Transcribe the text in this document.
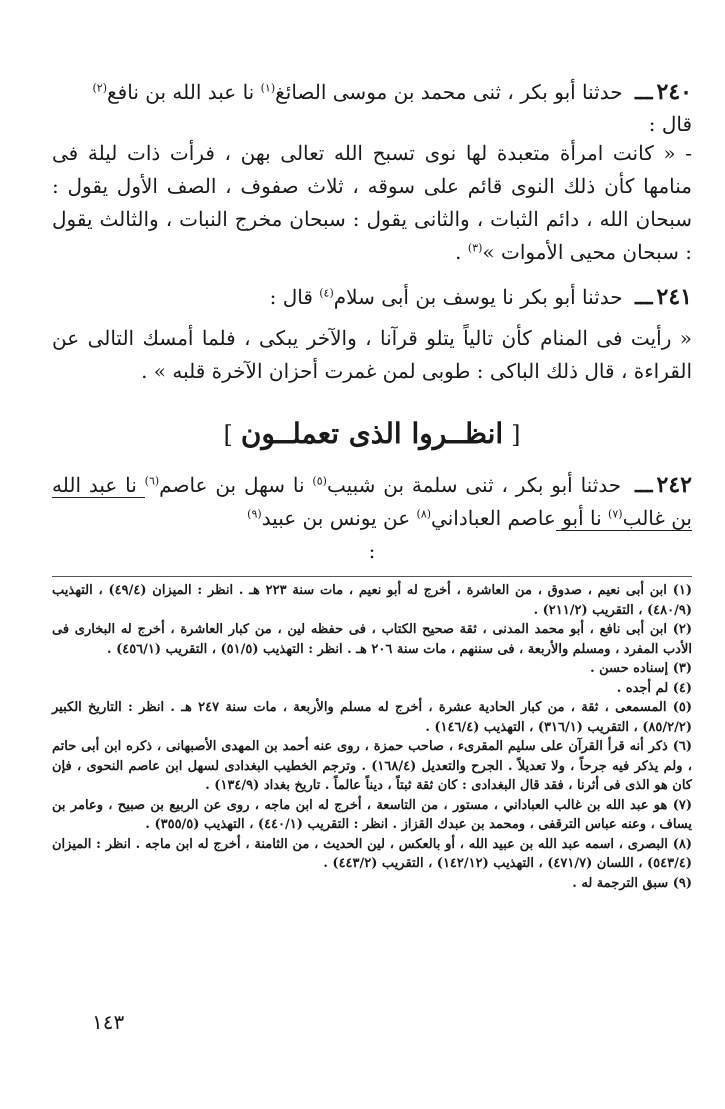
٢٤٠ـــ حدثنا أبو بكر ، ثنى محمد بن موسى الصائغ$^{(١)}$ نا عبد الله بن نافع$^{(٢)}$

قال :

- « كانت امرأة متعبدة لها نوى تسبح الله تعالى بهن ، فرأت ذات ليلة فى منامها كأن ذلك النوى قائم على سوقه ، ثلاث صفوف ، الصف الأول يقول : سبحان الله ، دائم الثبات ، والثانى يقول : سبحان مخرج النبات ، والثالث يقول : سبحان محيى الأموات »$^{(٣)}$ .

٢٤١ـــ حدثنا أبو بكر نا يوسف بن أبى سلام$^{(٤)}$ قال :

« رأيت فى المنام كأن تالياً يتلو قرآنا ، والآخر يبكى ، فلما أمسك التالى عن القراءة ، قال ذلك الباكى : طوبى لمن غمرت أحزان الآخرة قلبه » .

[انظــروا الذى تعملــون]

٢٤٢ـــ حدثنا أبو بكر ، ثنى سلمة بن شبيب$^{(٥)}$ نا سهل بن عاصم$^{(٦)}$ نا عبد الله بن غالب$^{(٧)}$ نا أبو عاصم العباداني$^{(٨)}$ عن يونس بن عبيد$^{(٩)}$

:

(١) ابن أبى نعيم ، صدوق ، من العاشرة ، أخرج له أبو نعيم ، مات سنة ٢٢٣ هـ . انظر : الميزان (٤٩/٤) ، التهذيب (٤٨٠/٩) ، التقريب (٢١١/٢) .
(٢) ابن أبى نافع ، أبو محمد المدنى ، ثقة صحيح الكتاب ، فى حفظه لين ، من كبار العاشرة ، أخرج له البخارى فى الأدب المفرد ، ومسلم والأربعة ، فى سننهم ، مات سنة ٢٠٦ هـ . انظر : التهذيب (٥١/٥) ، التقريب (٤٥٦/١) .
(٣) إسناده حسن .
(٤) لم أجده .
(٥) المسمعى ، ثقة ، من كبار الحادية عشرة ، أخرج له مسلم والأربعة ، مات سنة ٢٤٧ هـ . انظر : التاريخ الكبير (٨٥/٢/٢) ، التقريب (٣١٦/١) ، التهذيب (١٤٦/٤) .
(٦) ذكر أنه قرأ القرآن على سليم المقرىء ، صاحب حمزة ، روى عنه أحمد بن المهدى الأصبهانى ، ذكره ابن أبى حاتم ، ولم يذكر فيه جرحاً ، ولا تعديلاً . الجرح والتعديل (١٦٨/٤) . وترجم الخطيب البغدادى لسهل ابن عاصم النحوى ، فإن كان هو الذى فى أثرنا ، فقد قال البغدادى : كان ثقة ثبتاً ، ديناً عالماً . تاريخ بغداد (١٣٤/٩) .
(٧) هو عبد الله بن غالب العباداني ، مستور ، من التاسعة ، أخرج له ابن ماجه ، روى عن الربيع بن صبيح ، وعامر بن يساف ، وعنه عباس الترقفى ، ومحمد بن عبدك القزاز . انظر : التقريب (٤٤٠/١) ، التهذيب (٣٥٥/٥) .
(٨) البصرى ، اسمه عبد الله بن عبيد الله ، أو بالعكس ، لين الحديث ، من الثامنة ، أخرج له ابن ماجه . انظر : الميزان (٥٤٣/٤) ، اللسان (٤٧١/٧) ، التهذيب (١٤٢/١٢) ، التقريب (٤٤٣/٢) .
(٩) سبق الترجمة له .
١٤٣
